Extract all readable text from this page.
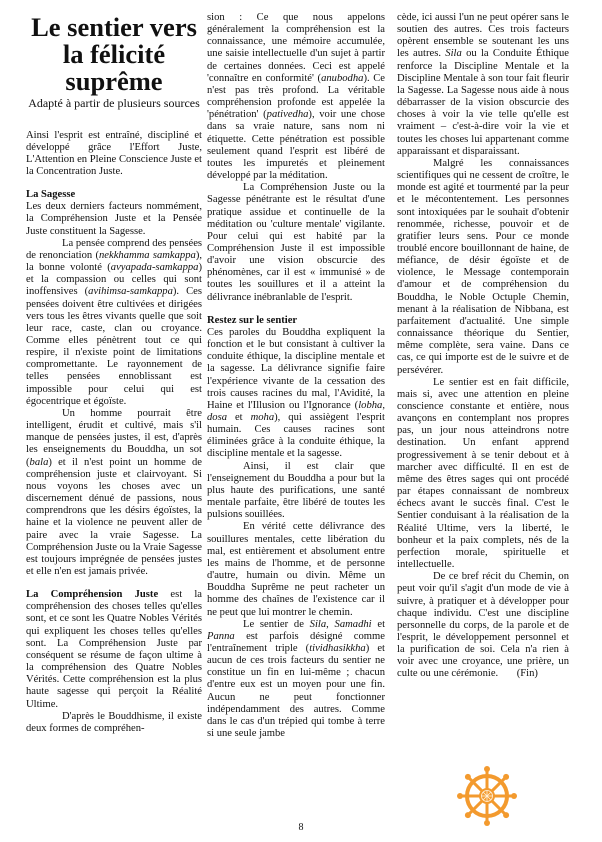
Le sentier vers la félicité suprême
Adapté à partir de plusieurs sources

Ainsi l'esprit est entraîné, discipliné et développé grâce l'Effort Juste, L'Attention en Pleine Conscience Juste et la Concentration Juste.

La Sagesse

Les deux derniers facteurs nommément, la Compréhension Juste et la Pensée Juste constituent la Sagesse.

La pensée comprend des pensées de renonciation (nekkhamma samkappa), la bonne volonté (avyapada-samkappa) et la compassion ou celles qui sont inoffensives (avihimsa-samkappa). Ces pensées doivent être cultivées et dirigées vers tous les êtres vivants quelle que soit leur race, caste, clan ou croyance. Comme elles pénètrent tout ce qui respire, il n'existe point de limitations compromettante. Le rayonnement de telles pensées ennoblissant est impossible pour celui qui est égocentrique et égoïste.

Un homme pourrait être intelligent, érudit et cultivé, mais s'il manque de pensées justes, il est, d'après les enseignements du Bouddha, un sot (bala) et il n'est point un homme de compréhension juste et clairvoyant. Si nous voyons les choses avec un discernement dénué de passions, nous comprendrons que les désirs égoïstes, la haine et la violence ne peuvent aller de paire avec la vraie Sagesse. La Compréhension Juste ou la Vraie Sagesse est toujours imprégnée de pensées justes et elle n'en est jamais privée.

La Compréhension Juste est la compréhension des choses telles qu'elles sont, et ce sont les Quatre Nobles Vérités qui expliquent les choses telles qu'elles sont. La Compréhension Juste par conséquent se résume de façon ultime à la compréhension des Quatre Nobles Vérités. Cette compréhension est la plus haute sagesse qui perçoit la Réalité Ultime.

D'après le Bouddhisme, il existe deux formes de compréhen-

sion : Ce que nous appelons généralement la compréhension est la connaissance, une mémoire accumulée, une saisie intellectuelle d'un sujet à partir de certaines données. Ceci est appelé 'connaître en conformité' (anubodha). Ce n'est pas très profond. La véritable compréhension profonde est appelée la 'pénétration' (pativedha), voir une chose dans sa vraie nature, sans nom ni étiquette. Cette pénétration est possible seulement quand l'esprit est libéré de toutes les impuretés et pleinement développé par la méditation.

La Compréhension Juste ou la Sagesse pénétrante est le résultat d'une pratique assidue et continuelle de la méditation ou 'culture mentale' vigilante. Pour celui qui est habité par la Compréhension Juste il est impossible d'avoir une vision obscurcie des phénomènes, car il est « immunisé » de toutes les souillures et il a atteint la délivrance inébranlable de l'esprit.

Restez sur le sentier

Ces paroles du Bouddha expliquent la fonction et le but consistant à cultiver la conduite éthique, la discipline mentale et la sagesse. La délivrance signifie faire l'expérience vivante de la cessation des trois causes racines du mal, l'Avidité, la Haine et l'Illusion ou l'Ignorance (lobha, dosa et moha), qui assiègent l'esprit humain. Ces causes racines sont éliminées grâce à la conduite éthique, la discipline mentale et la sagesse.

Ainsi, il est clair que l'enseignement du Bouddha a pour but la plus haute des purifications, une santé mentale parfaite, être libéré de toutes les pulsions souillées.

En vérité cette délivrance des souillures mentales, cette libération du mal, est entièrement et absolument entre les mains de l'homme, et de personne d'autre, humain ou divin. Même un Bouddha Suprême ne peut racheter un homme des chaînes de l'existence car il ne peut que lui montrer le chemin.

Le sentier de Sila, Samadhi et Panna est parfois désigné comme l'entraînement triple (tividhasikkha) et aucun de ces trois facteurs du sentier ne constitue un fin en lui-même ; chacun d'entre eux est un moyen pour une fin. Aucun ne peut fonctionner indépendamment des autres. Comme dans le cas d'un trépied qui tombe à terre si une seule jambe

cède, ici aussi l'un ne peut opérer sans le soutien des autres. Ces trois facteurs opèrent ensemble se soutenant les uns les autres. Sila ou la Conduite Éthique renforce la Discipline Mentale et la Discipline Mentale à son tour fait fleurir la Sagesse. La Sagesse nous aide à nous débarrasser de la vision obscurcie des choses à voir la vie telle qu'elle est vraiment – c'est-à-dire voir la vie et toutes les choses lui appartenant comme apparaissant et disparaissant.

Malgré les connaissances scientifiques qui ne cessent de croître, le monde est agité et tourmenté par la peur et le mécontentement. Les personnes sont intoxiquées par le souhait d'obtenir renommée, richesse, pouvoir et de gratifier leurs sens. Pour ce monde troublé encore bouillonnant de haine, de méfiance, de désir égoïste et de violence, le Message contemporain d'amour et de compréhension du Bouddha, le Noble Octuple Chemin, menant à la réalisation de Nibbana, est parfaitement d'actualité. Une simple connaissance théorique du Sentier, même complète, sera vaine. Dans ce cas, ce qui importe est de le suivre et de persévérer.

Le sentier est en fait difficile, mais si, avec une attention en pleine conscience constante et entière, nous avançons en contemplant nos propres pas, un jour nous atteindrons notre destination. Un enfant apprend progressivement à se tenir debout et à marcher avec difficulté. Il en est de même des êtres sages qui ont procédé par étapes connaissant de nombreux échecs avant le succès final. C'est le Sentier conduisant à la réalisation de la Réalité Ultime, vers la liberté, le bonheur et la paix complets, nés de la perfection morale, spirituelle et intellectuelle.

De ce bref récit du Chemin, on peut voir qu'il s'agit d'un mode de vie à suivre, à pratiquer et à développer pour chaque individu. C'est une discipline personnelle du corps, de la parole et de l'esprit, le développement personnel et la purification de soi. Cela n'a rien à voir avec une croyance, une prière, un culte ou une cérémonie. (Fin)

8
